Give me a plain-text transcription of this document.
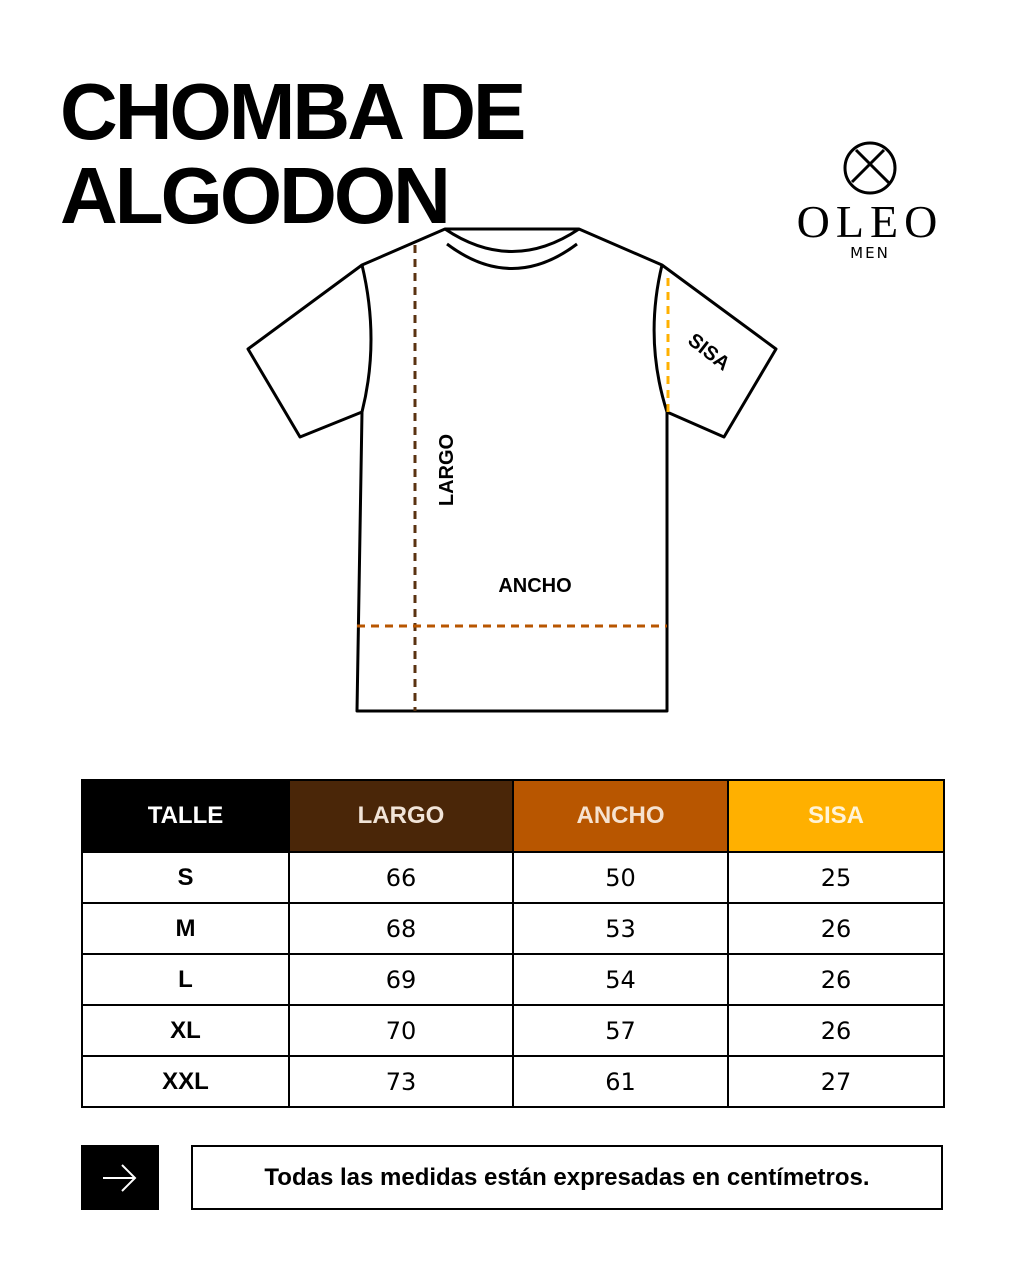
CHOMBA DE
ALGODON	OLEO
MEN
LARGO
ANCHO
SISA
TALLE	LARGO	ANCHO	SISA
S	66	50	25
M	68	53	26
L	69	54	26
XL	70	57	26
XXL	73	61	27
Todas las medidas están expresadas en centímetros.
